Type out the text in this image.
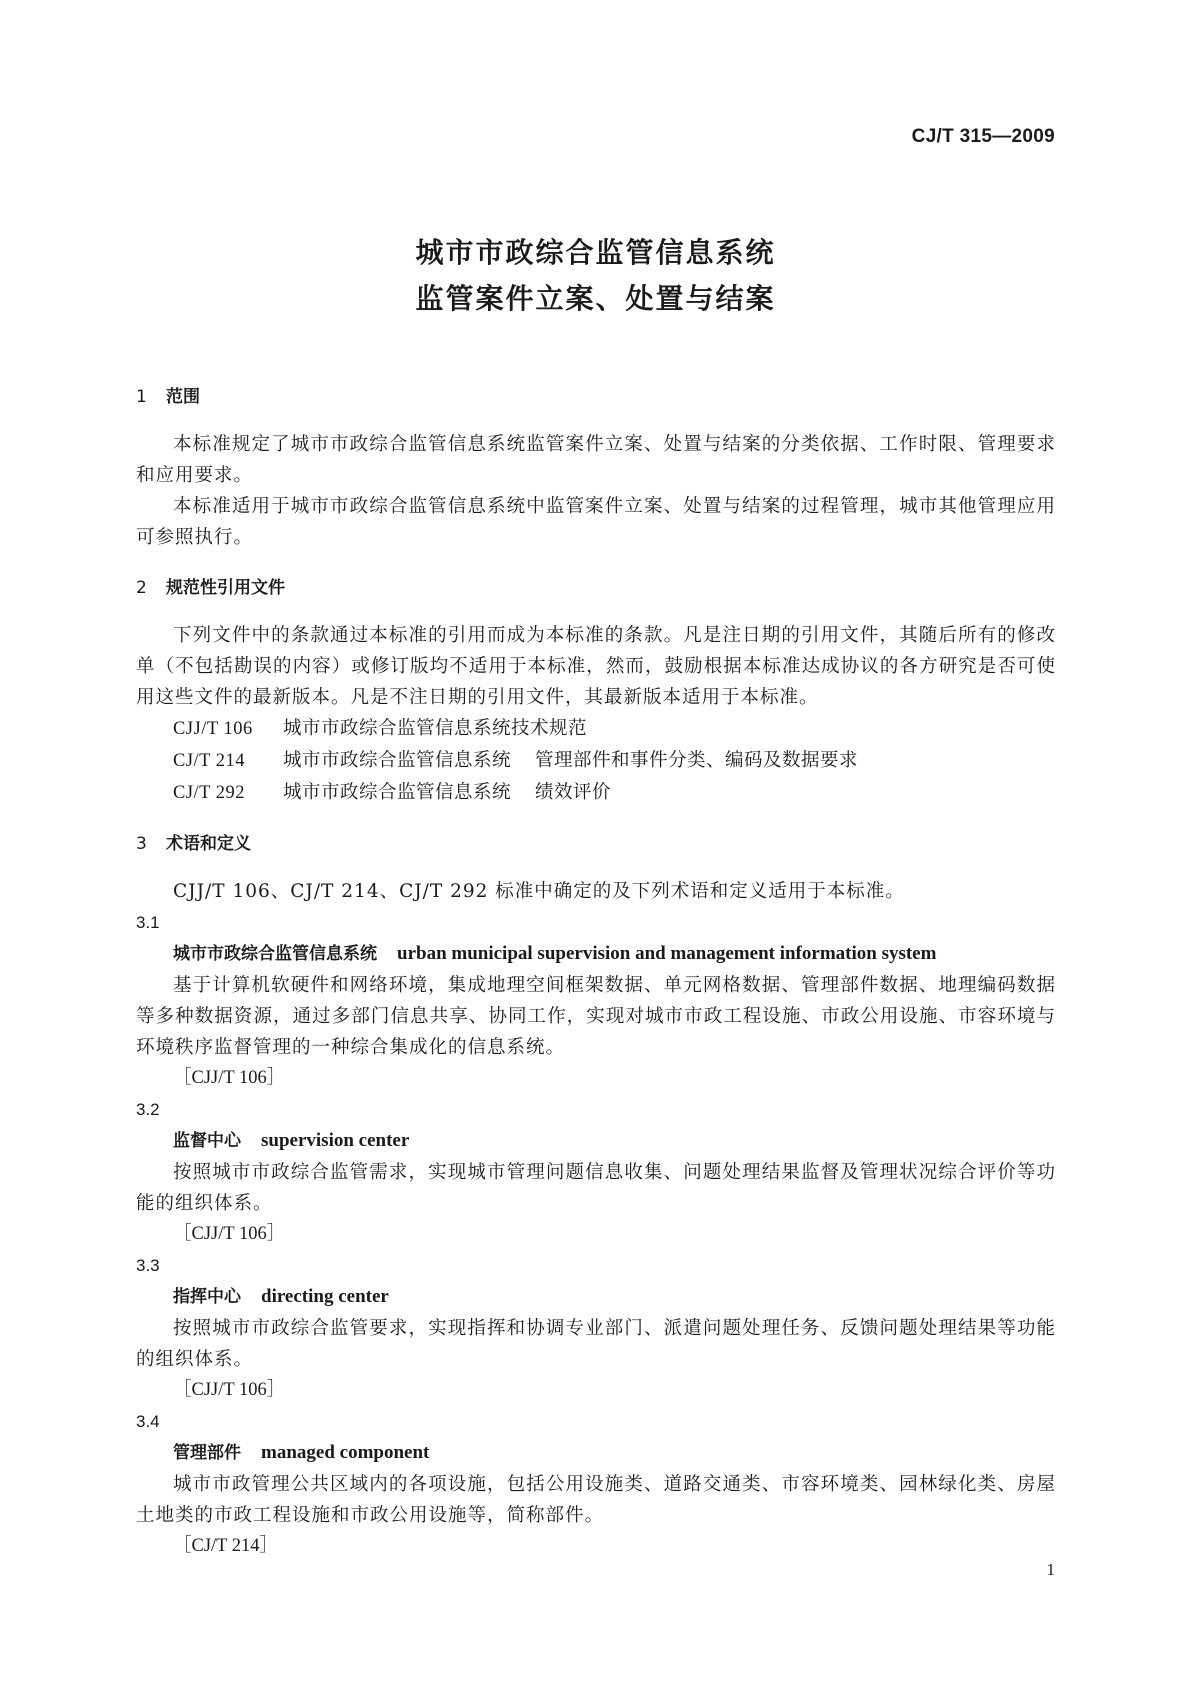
CJ/T 315—2009
城市市政综合监管信息系统
监管案件立案、处置与结案

1 范围

本标准规定了城市市政综合监管信息系统监管案件立案、处置与结案的分类依据、工作时限、管理要求和应用要求。

本标准适用于城市市政综合监管信息系统中监管案件立案、处置与结案的过程管理，城市其他管理应用可参照执行。

2 规范性引用文件

下列文件中的条款通过本标准的引用而成为本标准的条款。凡是注日期的引用文件，其随后所有的修改单（不包括勘误的内容）或修订版均不适用于本标准，然而，鼓励根据本标准达成协议的各方研究是否可使用这些文件的最新版本。凡是不注日期的引用文件，其最新版本适用于本标准。

CJJ/T 106 城市市政综合监管信息系统技术规范

CJ/T 214 城市市政综合监管信息系统 管理部件和事件分类、编码及数据要求

CJ/T 292 城市市政综合监管信息系统 绩效评价

3 术语和定义

CJJ/T 106、CJ/T 214、CJ/T 292 标准中确定的及下列术语和定义适用于本标准。

3.1

城市市政综合监管信息系统 urban municipal supervision and management information system

基于计算机软硬件和网络环境，集成地理空间框架数据、单元网格数据、管理部件数据、地理编码数据等多种数据资源，通过多部门信息共享、协同工作，实现对城市市政工程设施、市政公用设施、市容环境与环境秩序监督管理的一种综合集成化的信息系统。

［CJJ/T 106］

3.2

监督中心 supervision center

按照城市市政综合监管需求，实现城市管理问题信息收集、问题处理结果监督及管理状况综合评价等功能的组织体系。

［CJJ/T 106］

3.3

指挥中心 directing center

按照城市市政综合监管要求，实现指挥和协调专业部门、派遣问题处理任务、反馈问题处理结果等功能的组织体系。

［CJJ/T 106］

3.4

管理部件 managed component

城市市政管理公共区域内的各项设施，包括公用设施类、道路交通类、市容环境类、园林绿化类、房屋土地类的市政工程设施和市政公用设施等，简称部件。

［CJ/T 214］

1
